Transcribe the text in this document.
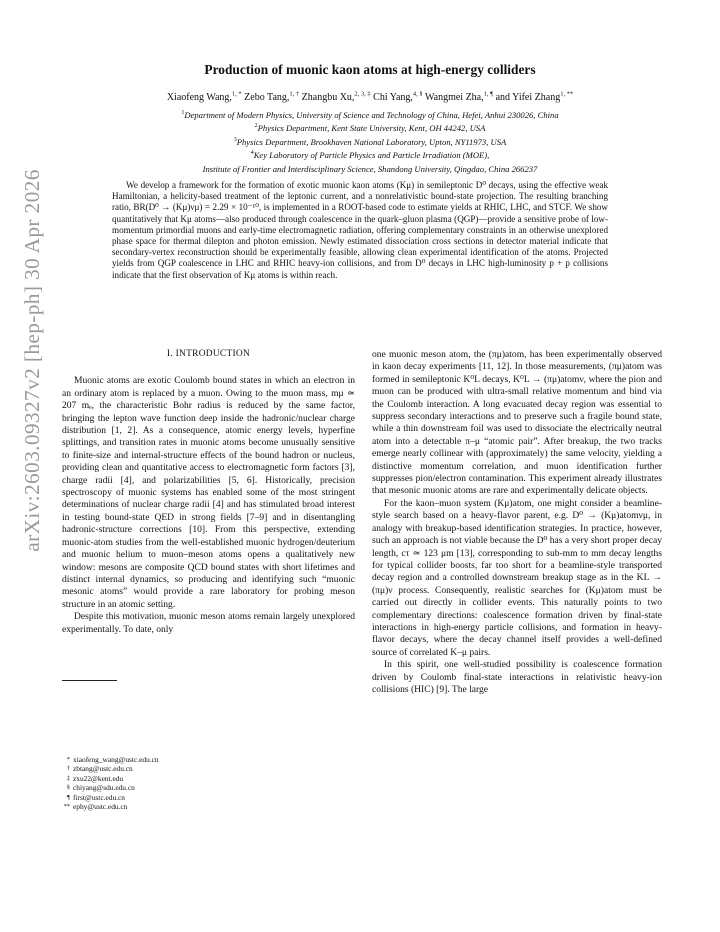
arXiv:2603.09327v2 [hep-ph] 30 Apr 2026
Production of muonic kaon atoms at high-energy colliders
Xiaofeng Wang,$^{1, *}$ Zebo Tang,$^{1, \dagger}$ Zhangbu Xu,$^{2, 3, \ddagger}$ Chi Yang,$^{4, \S}$ Wangmei Zha,$^{1, \P}$ and Yifei Zhang$^{1, **}$
$^1$Department of Modern Physics, University of Science and Technology of China, Hefei, Anhui 230026, China
$^2$Physics Department, Kent State University, Kent, OH 44242, USA
$^3$Physics Department, Brookhaven National Laboratory, Upton, NY11973, USA
$^4$Key Laboratory of Particle Physics and Particle Irradiation (MOE),
Institute of Frontier and Interdisciplinary Science, Shandong University, Qingdao, China 266237
We develop a framework for the formation of exotic muonic kaon atoms (Kμ) in semileptonic D⁰ decays, using the effective weak Hamiltonian, a helicity-based treatment of the leptonic current, and a nonrelativistic bound-state projection. The resulting branching ratio, BR(D⁰ → (Kμ)νμ) = 2.29 × 10⁻¹⁰, is implemented in a ROOT-based code to estimate yields at RHIC, LHC, and STCF. We show quantitatively that Kμ atoms—also produced through coalescence in the quark–gluon plasma (QGP)—provide a sensitive probe of low-momentum primordial muons and early-time electromagnetic radiation, offering complementary constraints in an otherwise unexplored phase space for thermal dilepton and photon emission. Newly estimated dissociation cross sections in detector material indicate that secondary-vertex reconstruction should be experimentally feasible, allowing clean experimental identification of the atoms. Projected yields from QGP coalescence in LHC and RHIC heavy-ion collisions, and from D⁰ decays in LHC high-luminosity p + p collisions indicate that the first observation of Kμ atoms is within reach.
I. INTRODUCTION

Muonic atoms are exotic Coulomb bound states in which an electron in an ordinary atom is replaced by a muon. Owing to the muon mass, mμ ≃ 207 mₑ, the characteristic Bohr radius is reduced by the same factor, bringing the lepton wave function deep inside the hadronic/nuclear charge distribution [1, 2]. As a consequence, atomic energy levels, hyperfine splittings, and transition rates in muonic atoms become unusually sensitive to finite-size and internal-structure effects of the bound hadron or nucleus, providing clean and quantitative access to electromagnetic form factors [3], charge radii [4], and polarizabilities [5, 6]. Historically, precision spectroscopy of muonic systems has enabled some of the most stringent determinations of nuclear charge radii [4] and has stimulated broad interest in testing bound-state QED in strong fields [7–9] and in disentangling hadronic-structure corrections [10]. From this perspective, extending muonic-atom studies from the well-established muonic hydrogen/deuterium and muonic helium to muon–meson atoms opens a qualitatively new window: mesons are composite QCD bound states with short lifetimes and distinct internal dynamics, so producing and identifying such “muonic mesonic atoms” would provide a rare laboratory for probing meson structure in an atomic setting.

Despite this motivation, muonic meson atoms remain largely unexplored experimentally. To date, only

* xiaofeng_wang@ustc.edu.cn
† zbtang@ustc.edu.cn
‡ zxu22@kent.edu
§ chiyang@sdu.edu.cn
¶ first@ustc.edu.cn
** ephy@ustc.edu.cn

one muonic meson atom, the (πμ)atom, has been experimentally observed in kaon decay experiments [11, 12]. In those measurements, (πμ)atom was formed in semileptonic K⁰L decays, K⁰L → (πμ)atomν, where the pion and muon can be produced with ultra-small relative momentum and bind via the Coulomb interaction. A long evacuated decay region was essential to suppress secondary interactions and to preserve such a fragile bound state, while a thin downstream foil was used to dissociate the electrically neutral atom into a detectable π–μ “atomic pair”. After breakup, the two tracks emerge nearly collinear with (approximately) the same velocity, yielding a distinctive momentum correlation, and muon identification further suppresses pion/electron contamination. This experiment already illustrates that mesonic muonic atoms are rare and experimentally delicate objects.

For the kaon–muon system (Kμ)atom, one might consider a beamline-style search based on a heavy-flavor parent, e.g. D⁰ → (Kμ)atomνμ, in analogy with breakup-based identification strategies. In practice, however, such an approach is not viable because the D⁰ has a very short proper decay length, cτ ≃ 123 μm [13], corresponding to sub-mm to mm decay lengths for typical collider boosts, far too short for a beamline-style transported decay region and a controlled downstream breakup stage as in the KL → (πμ)ν process. Consequently, realistic searches for (Kμ)atom must be carried out directly in collider events. This naturally points to two complementary directions: coalescence formation driven by final-state interactions in high-energy particle collisions, and formation in heavy-flavor decays, where the decay channel itself provides a well-defined source of correlated K–μ pairs.

In this spirit, one well-studied possibility is coalescence formation driven by Coulomb final-state interactions in relativistic heavy-ion collisions (HIC) [9]. The large
